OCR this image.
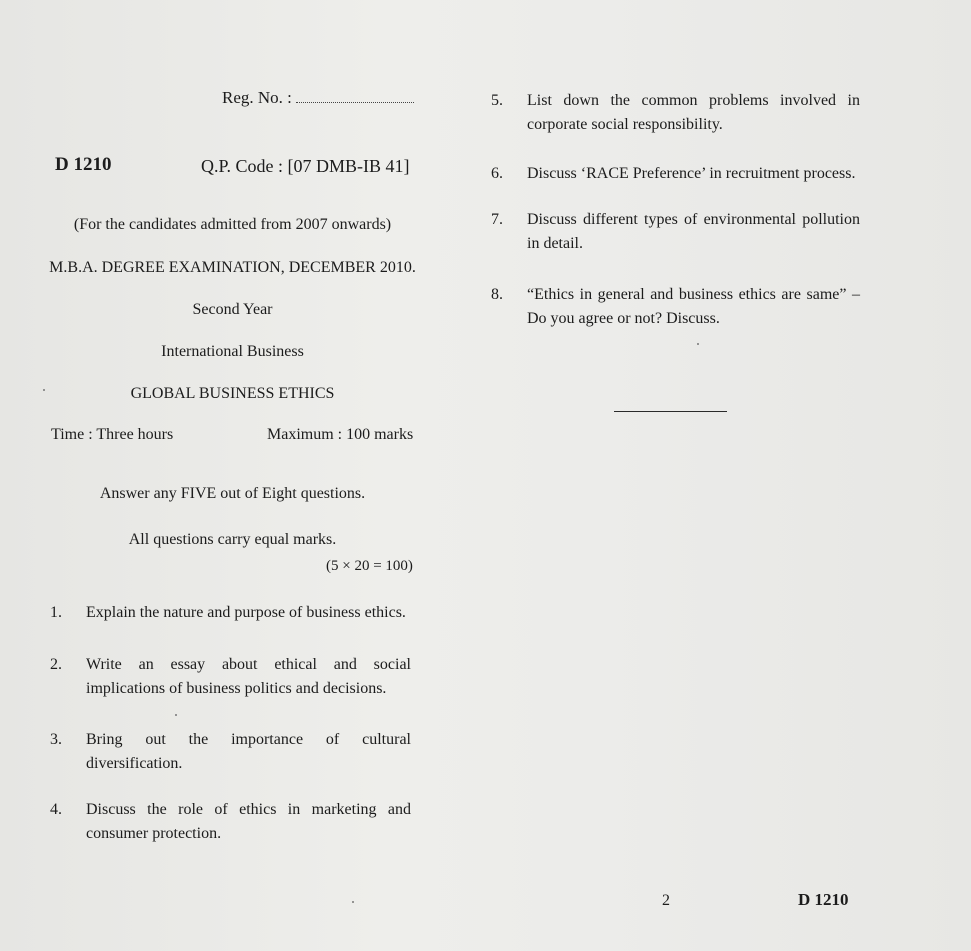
Reg. No. :
D 1210	Q.P. Code : [07 DMB-IB 41]
(For the candidates admitted from 2007 onwards)
M.B.A. DEGREE EXAMINATION, DECEMBER 2010.
Second Year
International Business
GLOBAL BUSINESS ETHICS
Time : Three hours	Maximum : 100 marks
Answer any FIVE out of Eight questions.
All questions carry equal marks.
(5 × 20 = 100)
1. Explain the nature and purpose of business ethics.
2. Write an essay about ethical and social implications of business politics and decisions.
3. Bring out the importance of cultural diversification.
4. Discuss the role of ethics in marketing and consumer protection.
5. List down the common problems involved in corporate social responsibility.
6. Discuss ‘RACE Preference’ in recruitment process.
7. Discuss different types of environmental pollution in detail.
8. “Ethics in general and business ethics are same” – Do you agree or not? Discuss.
2	D 1210
